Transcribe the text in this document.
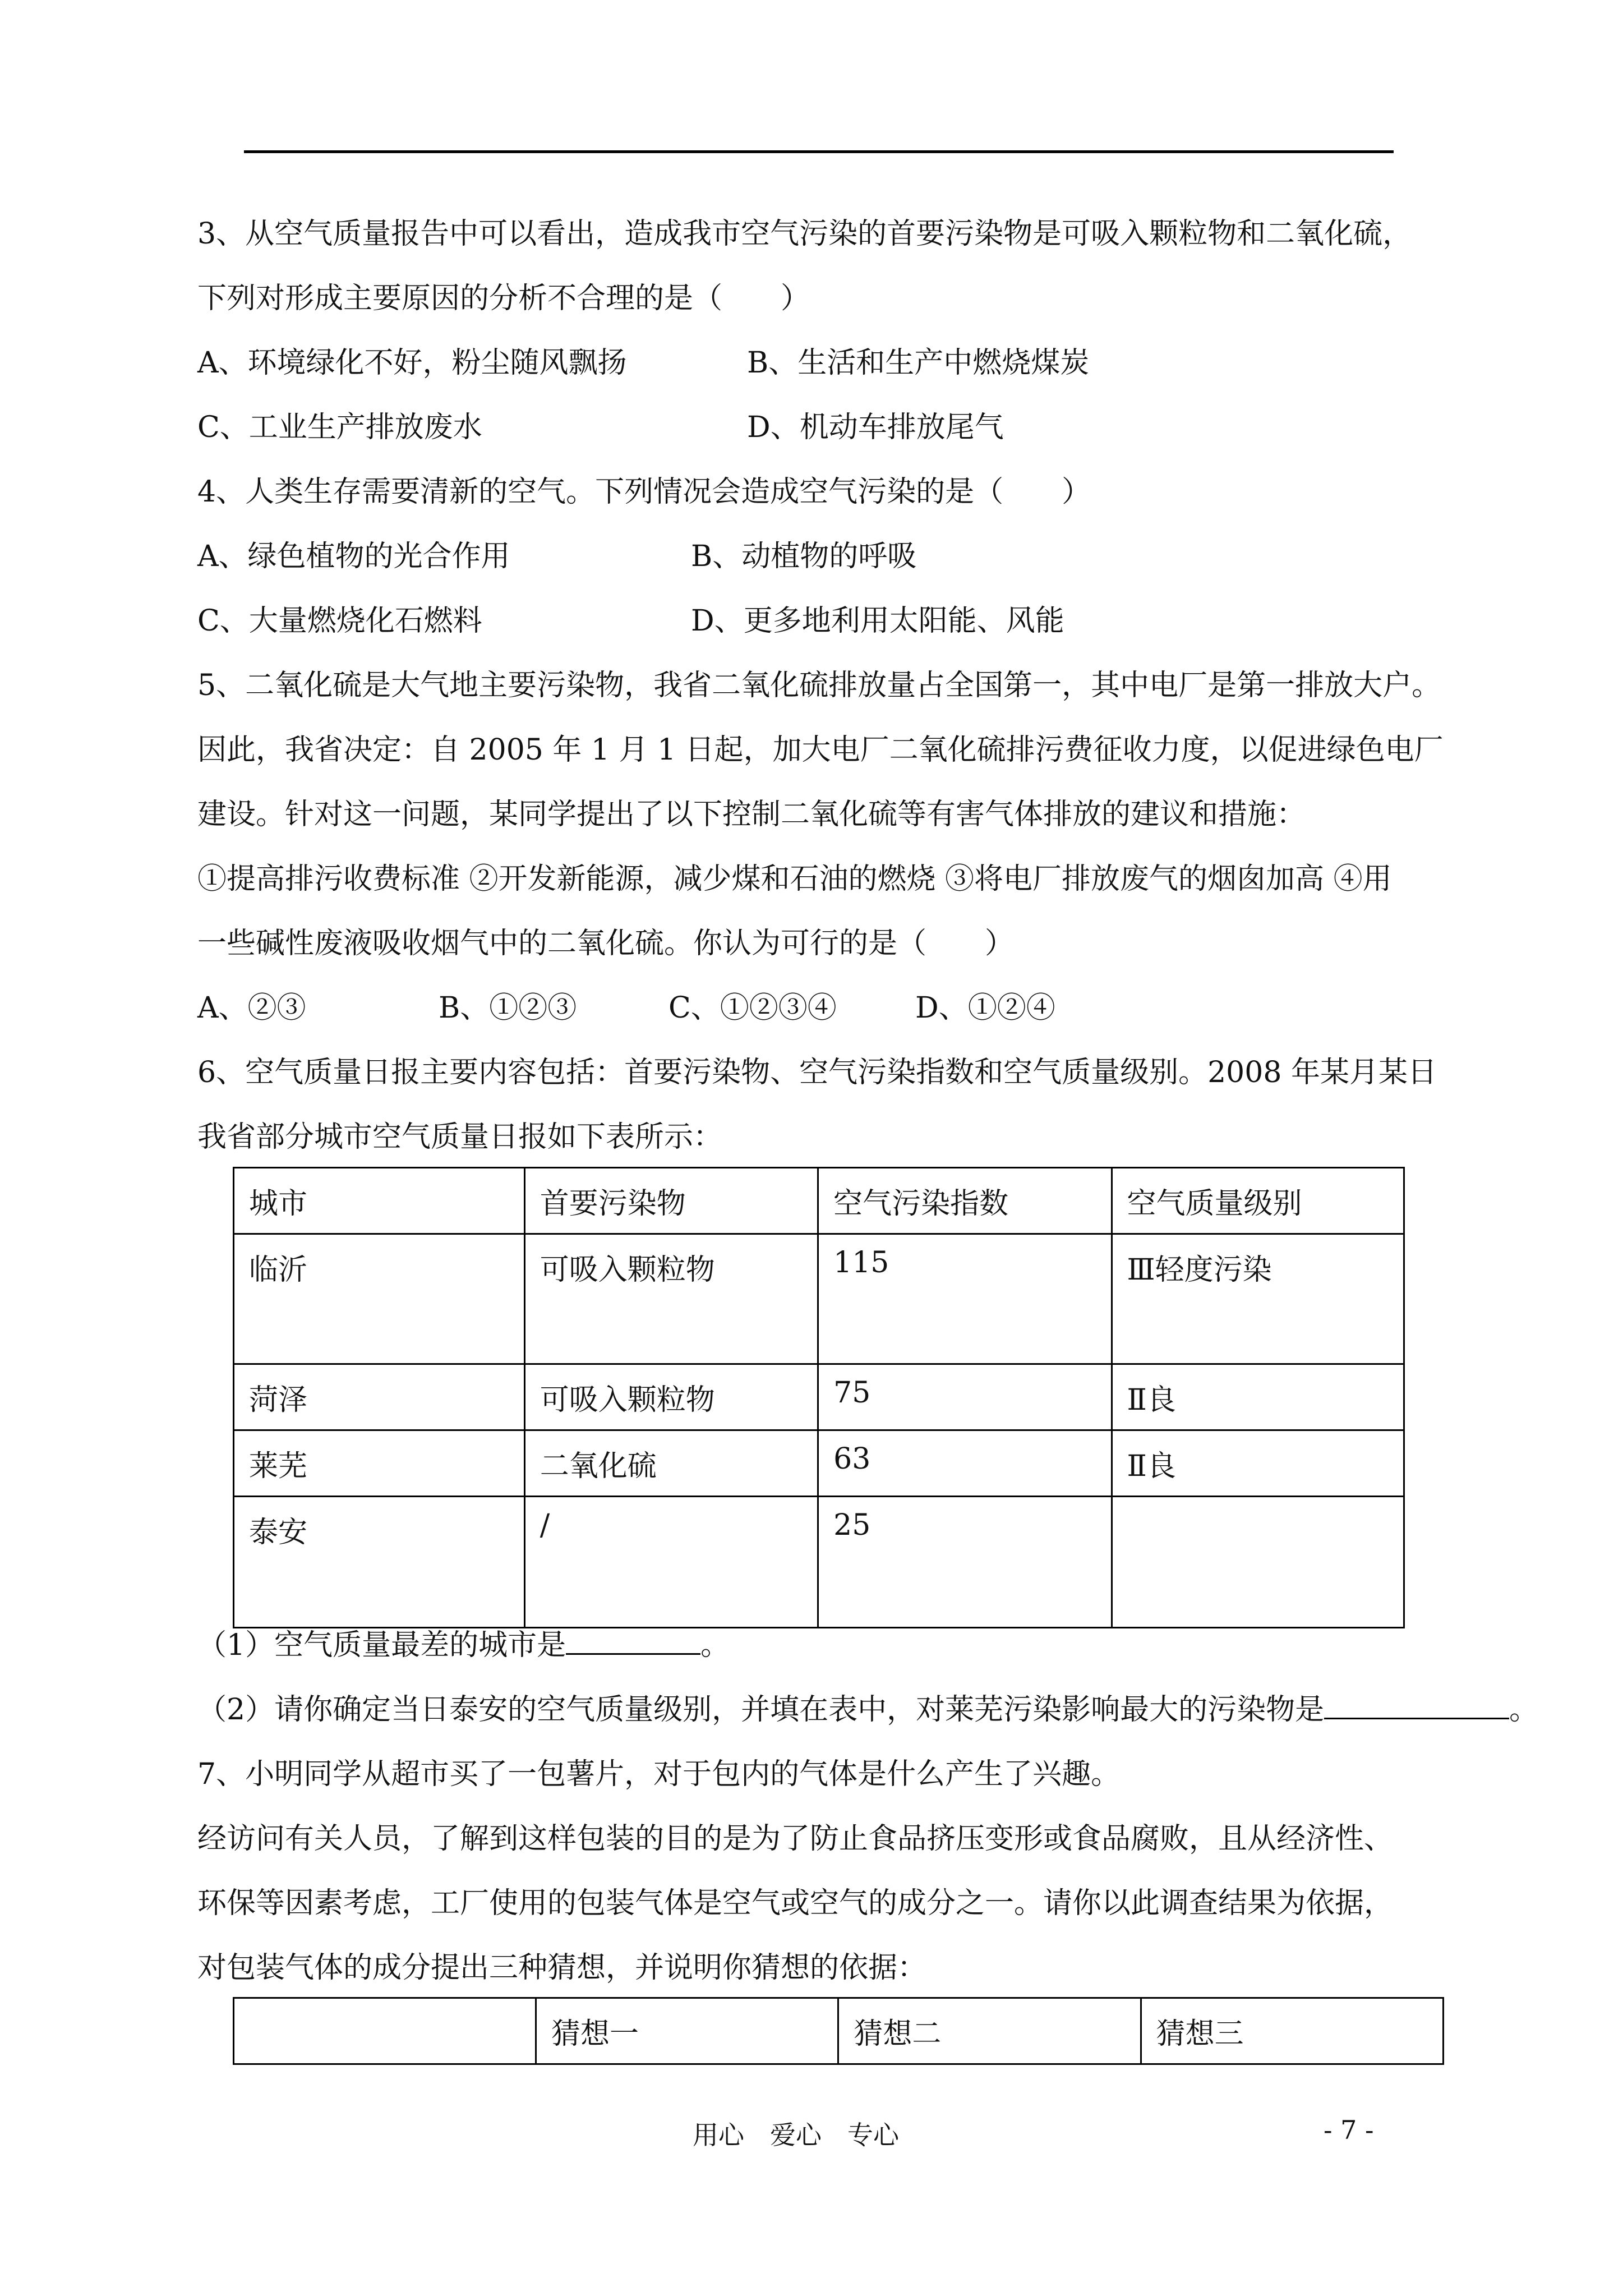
3、从空气质量报告中可以看出，造成我市空气污染的首要污染物是可吸入颗粒物和二氧化硫，
下列对形成主要原因的分析不合理的是（　　）
A、环境绿化不好，粉尘随风飘扬	B、生活和生产中燃烧煤炭
C、工业生产排放废水	D、机动车排放尾气
4、人类生存需要清新的空气。下列情况会造成空气污染的是（　　）
A、绿色植物的光合作用	B、动植物的呼吸
C、大量燃烧化石燃料	D、更多地利用太阳能、风能
5、二氧化硫是大气地主要污染物，我省二氧化硫排放量占全国第一，其中电厂是第一排放大户。
因此，我省决定：自 2005 年 1 月 1 日起，加大电厂二氧化硫排污费征收力度，以促进绿色电厂
建设。针对这一问题，某同学提出了以下控制二氧化硫等有害气体排放的建议和措施：
①提高排污收费标准 ②开发新能源，减少煤和石油的燃烧 ③将电厂排放废气的烟囱加高 ④用
一些碱性废液吸收烟气中的二氧化硫。你认为可行的是（　　）
A、②③	B、①②③	C、①②③④	D、①②④
6、空气质量日报主要内容包括：首要污染物、空气污染指数和空气质量级别。2008 年某月某日
我省部分城市空气质量日报如下表所示：
城市	首要污染物	空气污染指数	空气质量级别
临沂	可吸入颗粒物	115	Ⅲ轻度污染
菏泽	可吸入颗粒物	75	Ⅱ良
莱芜	二氧化硫	63	Ⅱ良
泰安	/	25	
（1）空气质量最差的城市是	。
（2）请你确定当日泰安的空气质量级别，并填在表中，对莱芜污染影响最大的污染物是	。
7、小明同学从超市买了一包薯片，对于包内的气体是什么产生了兴趣。
经访问有关人员，了解到这样包装的目的是为了防止食品挤压变形或食品腐败，且从经济性、
环保等因素考虑，工厂使用的包装气体是空气或空气的成分之一。请你以此调查结果为依据，
对包装气体的成分提出三种猜想，并说明你猜想的依据：
	猜想一	猜想二	猜想三
用心　爱心　专心	- 7 -
